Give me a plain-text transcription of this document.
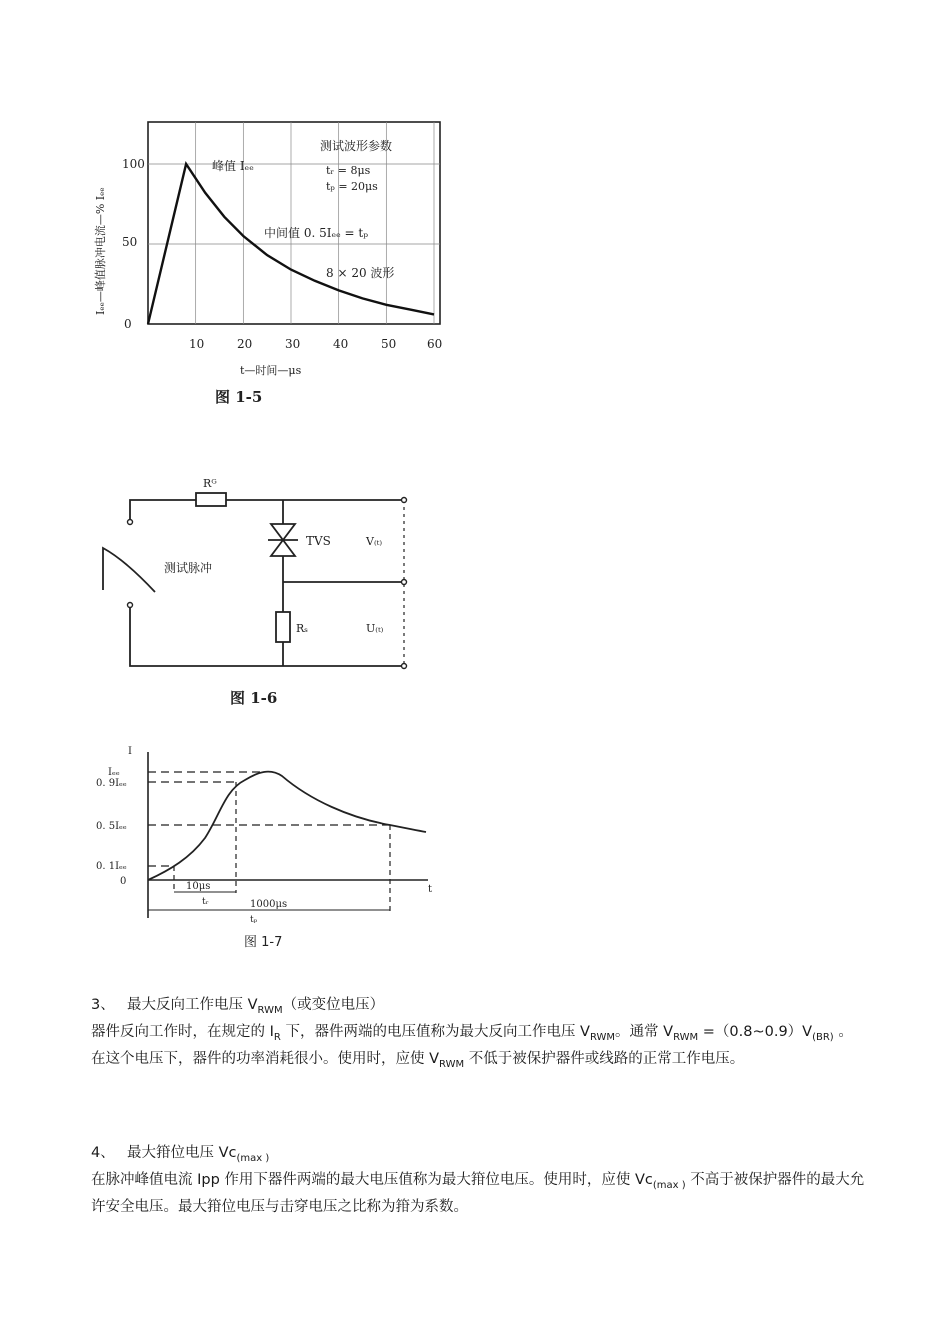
100
50
0
10	20	30	40	50	60
t—时间—μs
Iₑₑ—峰值脉冲电流—% Iₑₑ
峰值 Iₑₑ
测试波形参数
tᵣ = 8μs
tₚ = 20μs
中间值 0. 5Iₑₑ = tₚ
8 × 20 波形
图 1-5
Rᴳ
TVS
测试脉冲
Rₛ
V₍ₜ₎
U₍ₜ₎
图 1-6
I
Iₑₑ
0. 9Iₑₑ
0. 5Iₑₑ
0. 1Iₑₑ
0
t
10μs
tᵣ	1000μs
tₚ
图 1-7

3、 最大反向工作电压 $V_{RWM}$（或变位电压）

器件反向工作时，在规定的 $I_R$ 下，器件两端的电压值称为最大反向工作电压 $V_{RWM}$。通常 $V_{RWM}$ $=(0.8\sim 0.9)V_{(BR)}$ 。在这个电压下，器件的功率消耗很小。使用时，应使 $V_{RWM}$ 不低于被保护器件或线路的正常工作电压。

4、 最大箝位电压 $Vc_{(max )}$

在脉冲峰值电流 Ipp 作用下器件两端的最大电压值称为最大箝位电压。使用时，应使 $Vc_{(max )}$ 不高于被保护器件的最大允许安全电压。最大箝位电压与击穿电压之比称为箝为系数。
